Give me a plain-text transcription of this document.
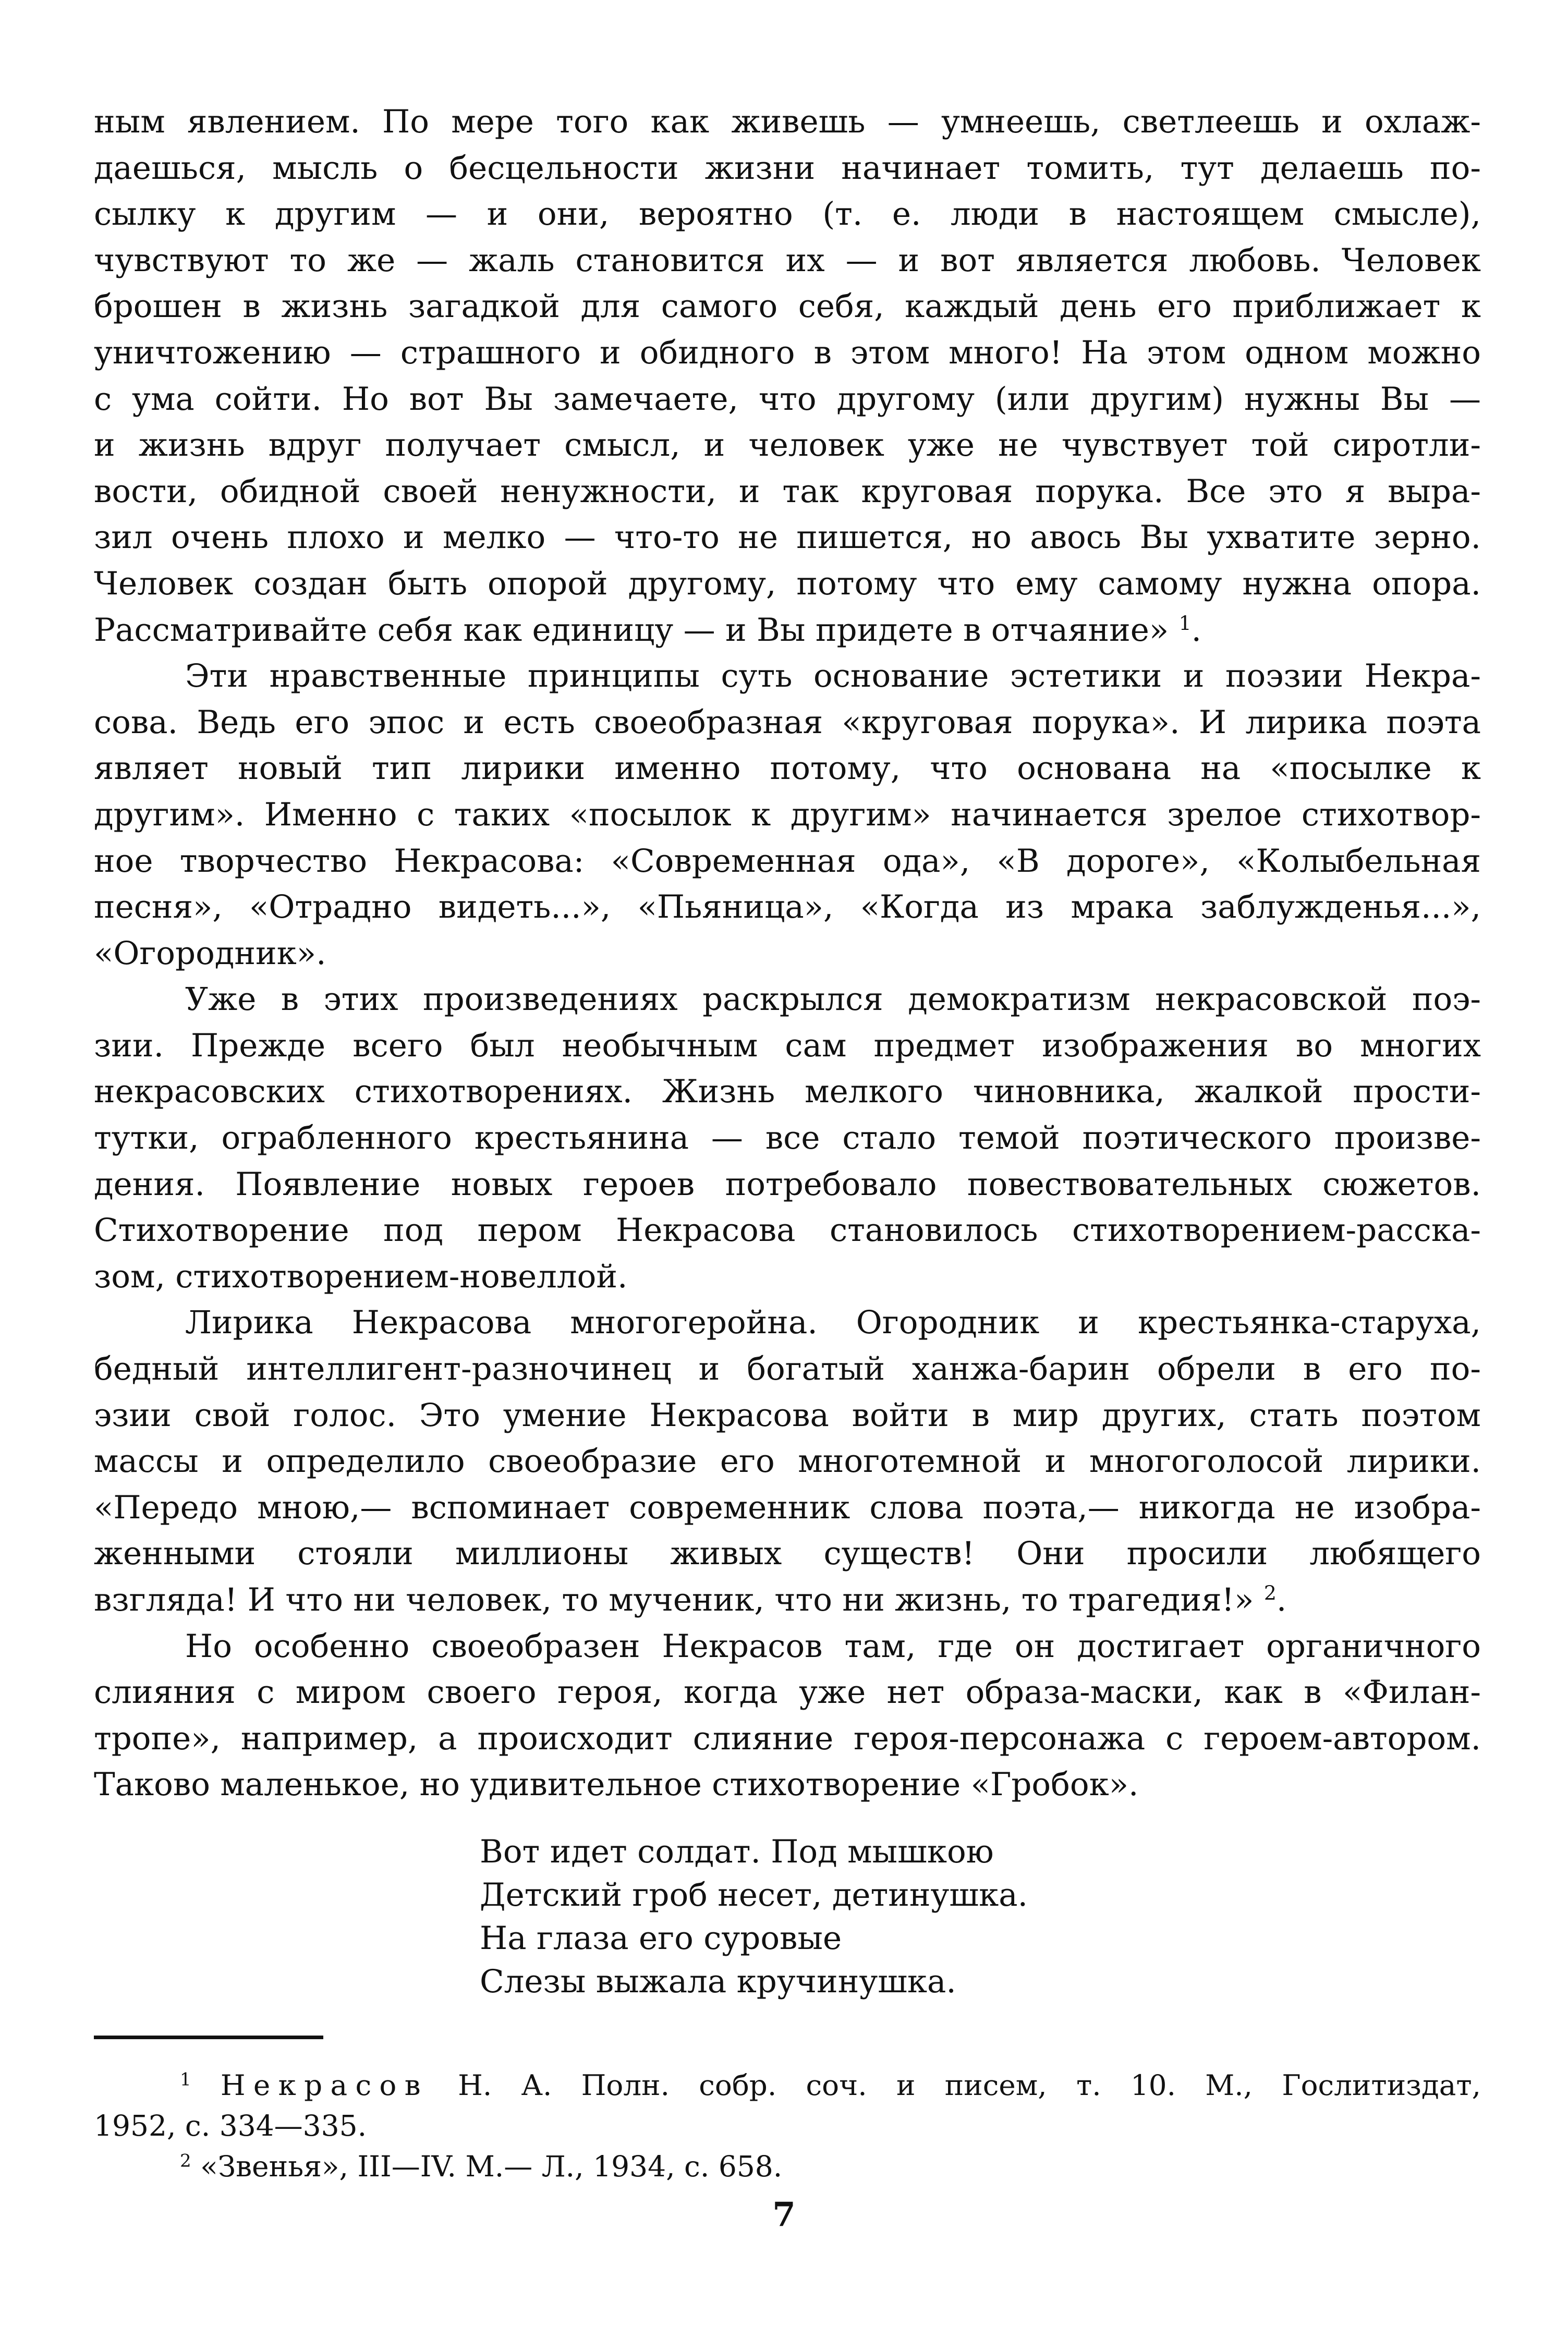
ным явлением. По мере того как живешь — умнеешь, светлеешь и охлаж-
даешься, мысль о бесцельности жизни начинает томить, тут делаешь по-
сылку к другим — и они, вероятно (т. е. люди в настоящем смысле),
чувствуют то же — жаль становится их — и вот является любовь. Человек
брошен в жизнь загадкой для самого себя, каждый день его приближает к
уничтожению — страшного и обидного в этом много! На этом одном можно
с ума сойти. Но вот Вы замечаете, что другому (или другим) нужны Вы —
и жизнь вдруг получает смысл, и человек уже не чувствует той сиротли-
вости, обидной своей ненужности, и так круговая порука. Все это я выра-
зил очень плохо и мелко — что-то не пишется, но авось Вы ухватите зерно.
Человек создан быть опорой другому, потому что ему самому нужна опора.
Рассматривайте себя как единицу — и Вы придете в отчаяние» $^1$.
Эти нравственные принципы суть основание эстетики и поэзии Некра-
сова. Ведь его эпос и есть своеобразная «круговая порука». И лирика поэта
являет новый тип лирики именно потому, что основана на «посылке к
другим». Именно с таких «посылок к другим» начинается зрелое стихотвор-
ное творчество Некрасова: «Современная ода», «В дороге», «Колыбельная
песня», «Отрадно видеть...», «Пьяница», «Когда из мрака заблужденья...»,
«Огородник».
Уже в этих произведениях раскрылся демократизм некрасовской поэ-
зии. Прежде всего был необычным сам предмет изображения во многих
некрасовских стихотворениях. Жизнь мелкого чиновника, жалкой прости-
тутки, ограбленного крестьянина — все стало темой поэтического произве-
дения. Появление новых героев потребовало повествовательных сюжетов.
Стихотворение под пером Некрасова становилось стихотворением-расска-
зом, стихотворением-новеллой.
Лирика Некрасова многогеройна. Огородник и крестьянка-старуха,
бедный интеллигент-разночинец и богатый ханжа-барин обрели в его по-
эзии свой голос. Это умение Некрасова войти в мир других, стать поэтом
массы и определило своеобразие его многотемной и многоголосой лирики.
«Передо мною,— вспоминает современник слова поэта,— никогда не изобра-
женными стояли миллионы живых существ! Они просили любящего
взгляда! И что ни человек, то мученик, что ни жизнь, то трагедия!» $^2$.
Но особенно своеобразен Некрасов там, где он достигает органичного
слияния с миром своего героя, когда уже нет образа-маски, как в «Филан-
тропе», например, а происходит слияние героя-персонажа с героем-автором.
Таково маленькое, но удивительное стихотворение «Гробок».
Вот идет солдат. Под мышкою
Детский гроб несет, детинушка.
На глаза его суровые
Слезы выжала кручинушка.
$^1$ Некрасов Н. А. Полн. собр. соч. и писем, т. 10. М., Гослитиздат,
1952, с. 334—335.
$^2$ «Звенья», III—IV. М.— Л., 1934, с. 658.
7
